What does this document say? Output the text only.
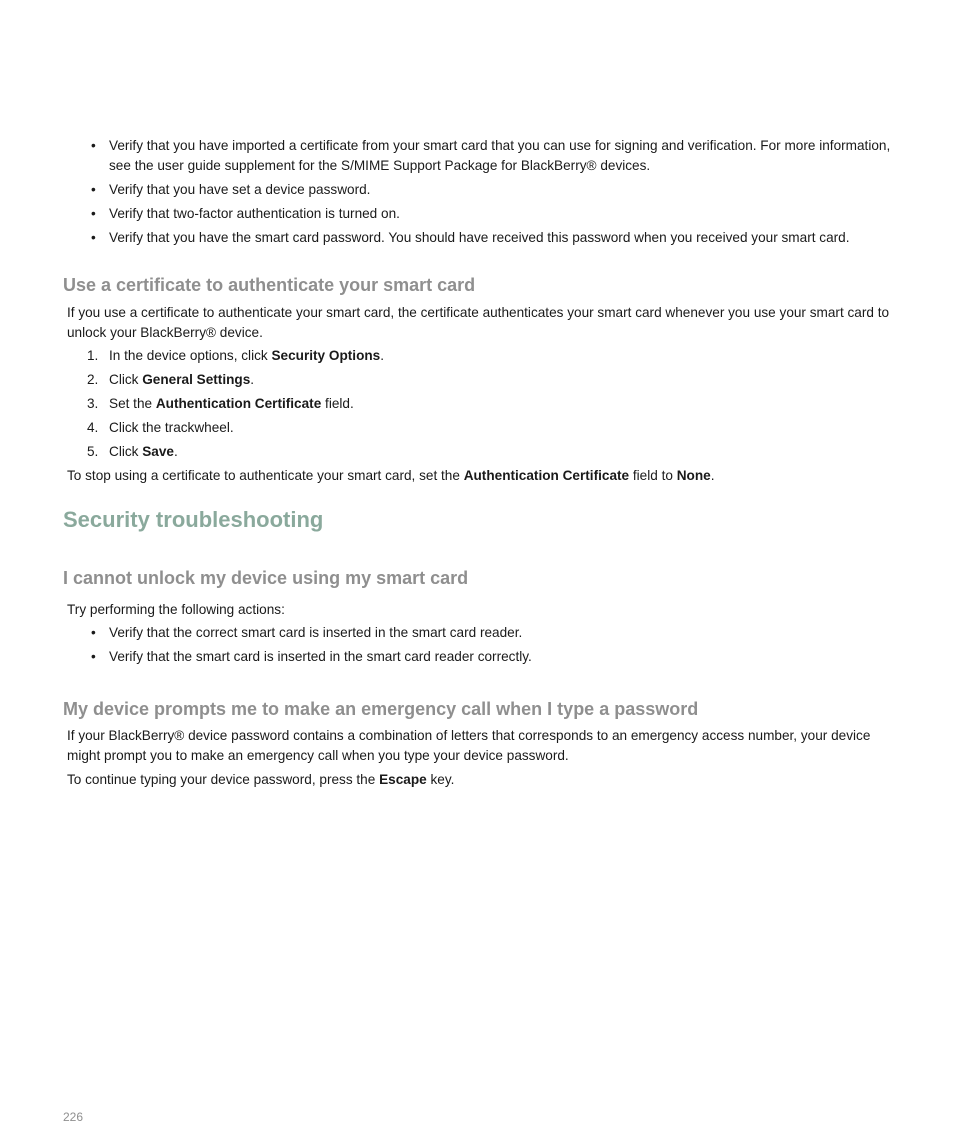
• Verify that you have imported a certificate from your smart card that you can use for signing and verification. For more information, see the user guide supplement for the S/MIME Support Package for BlackBerry® devices.
• Verify that you have set a device password.
• Verify that two-factor authentication is turned on.
• Verify that you have the smart card password. You should have received this password when you received your smart card.
Use a certificate to authenticate your smart card

If you use a certificate to authenticate your smart card, the certificate authenticates your smart card whenever you use your smart card to unlock your BlackBerry® device.

1. In the device options, click Security Options.
2. Click General Settings.
3. Set the Authentication Certificate field.
4. Click the trackwheel.
5. Click Save.

To stop using a certificate to authenticate your smart card, set the Authentication Certificate field to None.

Security troubleshooting
I cannot unlock my device using my smart card

Try performing the following actions:

• Verify that the correct smart card is inserted in the smart card reader.
• Verify that the smart card is inserted in the smart card reader correctly.
My device prompts me to make an emergency call when I type a password

If your BlackBerry® device password contains a combination of letters that corresponds to an emergency access number, your device might prompt you to make an emergency call when you type your device password.

To continue typing your device password, press the Escape key.

226
